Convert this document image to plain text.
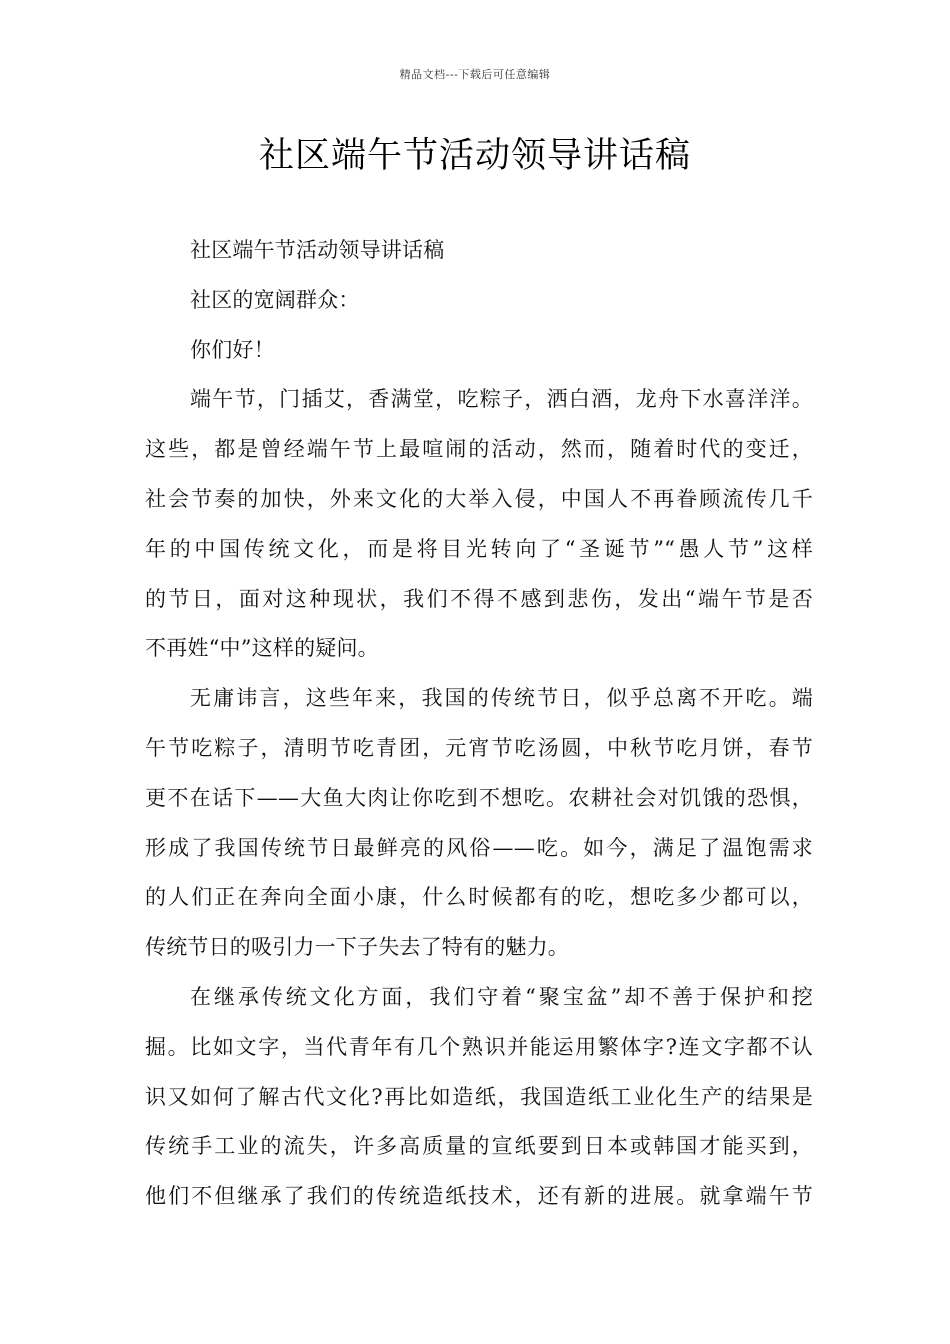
精品文档---下载后可任意编辑
社区端午节活动领导讲话稿
社区端午节活动领导讲话稿
社区的宽阔群众：
你们好！
端午节，门插艾，香满堂，吃粽子，洒白酒，龙舟下水喜洋洋。
这些，都是曾经端午节上最喧闹的活动，然而，随着时代的变迁，
社会节奏的加快，外来文化的大举入侵，中国人不再眷顾流传几千
年的中国传统文化，而是将目光转向了“圣诞节”“愚人节”这样
的节日，面对这种现状，我们不得不感到悲伤，发出“端午节是否
不再姓“中”这样的疑问。
无庸讳言，这些年来，我国的传统节日，似乎总离不开吃。端
午节吃粽子，清明节吃青团，元宵节吃汤圆，中秋节吃月饼，春节
更不在话下——大鱼大肉让你吃到不想吃。农耕社会对饥饿的恐惧，
形成了我国传统节日最鲜亮的风俗——吃。如今，满足了温饱需求
的人们正在奔向全面小康，什么时候都有的吃，想吃多少都可以，
传统节日的吸引力一下子失去了特有的魅力。
在继承传统文化方面，我们守着“聚宝盆”却不善于保护和挖
掘。比如文字，当代青年有几个熟识并能运用繁体字?连文字都不认
识又如何了解古代文化?再比如造纸，我国造纸工业化生产的结果是
传统手工业的流失，许多高质量的宣纸要到日本或韩国才能买到，
他们不但继承了我们的传统造纸技术，还有新的进展。就拿端午节
